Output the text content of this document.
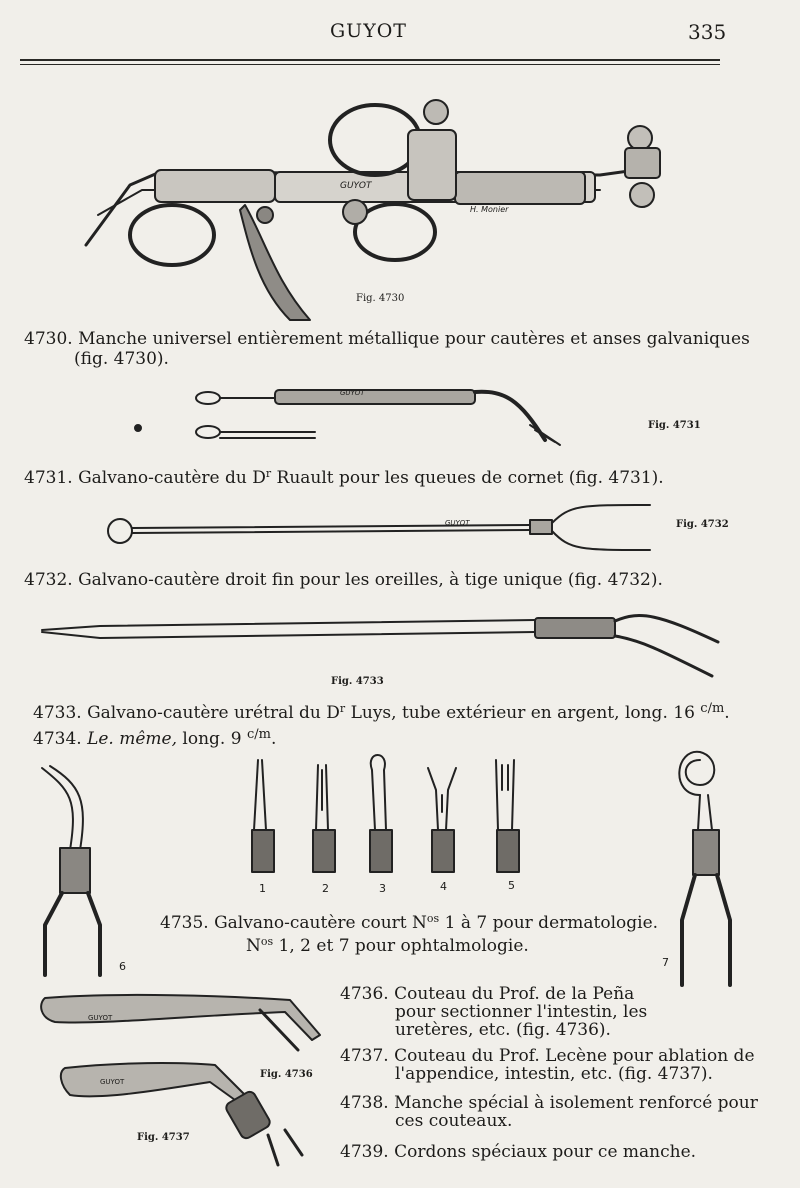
GUYOT	335
GUYOT
H. Monier
GUYOT
GUYOT
GUYOT
GUYOT
Fig. 4730
Fig. 4731
Fig. 4732
Fig. 4733
Fig. 4736
Fig. 4737
1	2	3	4	5
6	7
4730. Manche universel entièrement métallique pour cautères et anses galvaniques
(fig. 4730).
4731. Galvano-cautère du $D^r$ Ruault pour les queues de cornet (fig. 4731).
4732. Galvano-cautère droit fin pour les oreilles, à tige unique (fig. 4732).
4733. Galvano-cautère urétral du $D^r$ Luys, tube extérieur en argent, long. 16 $^{c/m}$.
4734. Le. même, long. 9 $^{c/m}$.
4735. Galvano-cautère court $N^{os}$ 1 à 7 pour dermatologie.
$N^{os}$ 1, 2 et 7 pour ophtalmologie.
4736. Couteau du Prof. de la Peña
pour sectionner l'intestin, les
uretères, etc. (fig. 4736).
4737. Couteau du Prof. Lecène pour ablation de
l'appendice, intestin, etc. (fig. 4737).
4738. Manche spécial à isolement renforcé pour
ces couteaux.
4739. Cordons spéciaux pour ce manche.
